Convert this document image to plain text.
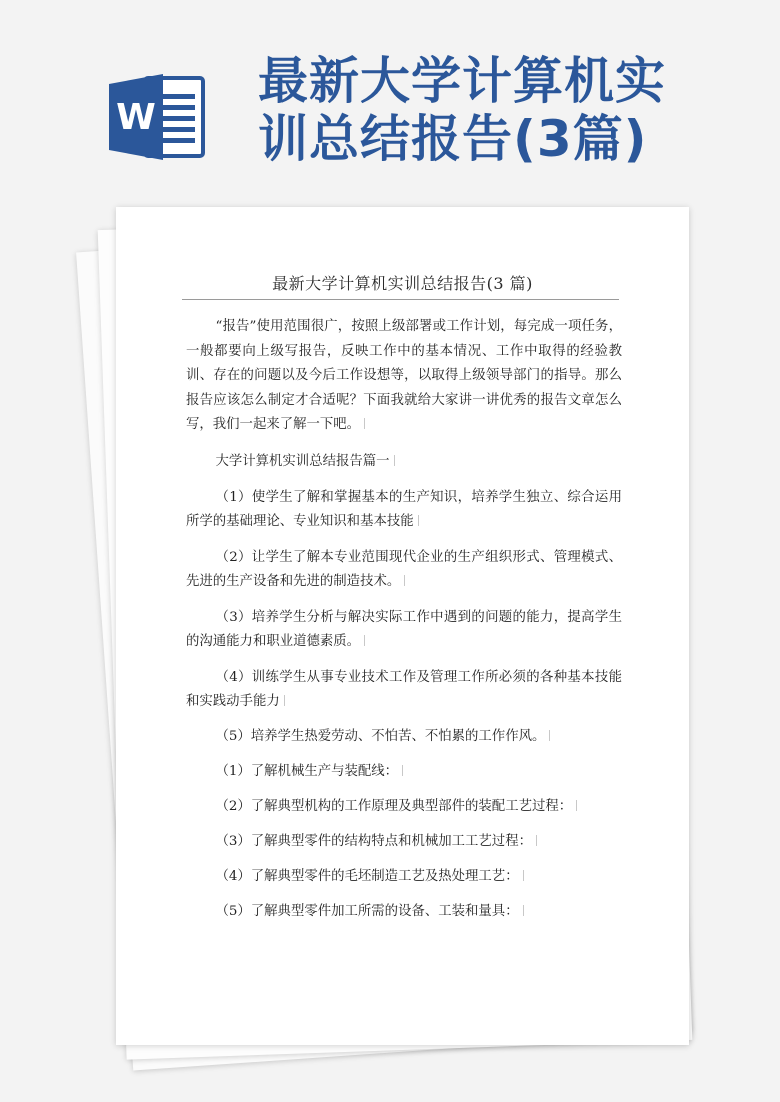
W
最新大学计算机实
训总结报告(3篇)
最新大学计算机实训总结报告(3 篇)

“报告”使用范围很广，按照上级部署或工作计划，每完成一项任务，一般都要向上级写报告，反映工作中的基本情况、工作中取得的经验教训、存在的问题以及今后工作设想等，以取得上级领导部门的指导。那么报告应该怎么制定才合适呢？下面我就给大家讲一讲优秀的报告文章怎么写，我们一起来了解一下吧。

大学计算机实训总结报告篇一

（1）使学生了解和掌握基本的生产知识，培养学生独立、综合运用所学的基础理论、专业知识和基本技能

（2）让学生了解本专业范围现代企业的生产组织形式、管理模式、先进的生产设备和先进的制造技术。

（3）培养学生分析与解决实际工作中遇到的问题的能力，提高学生的沟通能力和职业道德素质。

（4）训练学生从事专业技术工作及管理工作所必须的各种基本技能和实践动手能力

（5）培养学生热爱劳动、不怕苦、不怕累的工作作风。

（1）了解机械生产与装配线：

（2）了解典型机构的工作原理及典型部件的装配工艺过程：

（3）了解典型零件的结构特点和机械加工工艺过程：

（4）了解典型零件的毛坯制造工艺及热处理工艺：

（5）了解典型零件加工所需的设备、工装和量具：
